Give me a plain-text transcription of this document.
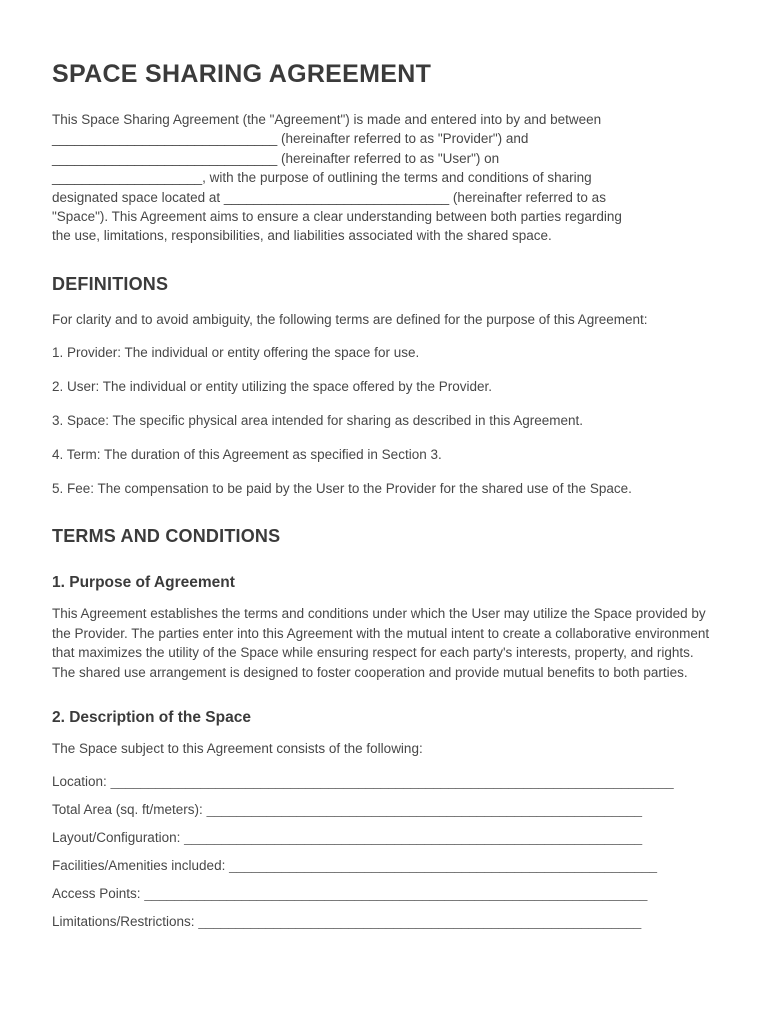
SPACE SHARING AGREEMENT
This Space Sharing Agreement (the "Agreement") is made and entered into by and between
______________________________ (hereinafter referred to as "Provider") and
______________________________ (hereinafter referred to as "User") on
____________________, with the purpose of outlining the terms and conditions of sharing
designated space located at ______________________________ (hereinafter referred to as
"Space"). This Agreement aims to ensure a clear understanding between both parties regarding
the use, limitations, responsibilities, and liabilities associated with the shared space.
DEFINITIONS

For clarity and to avoid ambiguity, the following terms are defined for the purpose of this Agreement:

1. Provider: The individual or entity offering the space for use.
2. User: The individual or entity utilizing the space offered by the Provider.
3. Space: The specific physical area intended for sharing as described in this Agreement.
4. Term: The duration of this Agreement as specified in Section 3.
5. Fee: The compensation to be paid by the User to the Provider for the shared use of the Space.
TERMS AND CONDITIONS
1. Purpose of Agreement

This Agreement establishes the terms and conditions under which the User may utilize the Space provided by the Provider. The parties enter into this Agreement with the mutual intent to create a collaborative environment that maximizes the utility of the Space while ensuring respect for each party's interests, property, and rights. The shared use arrangement is designed to foster cooperation and provide mutual benefits to both parties.

2. Description of the Space

The Space subject to this Agreement consists of the following:

Location: ___________________________________________________________________________
Total Area (sq. ft/meters): __________________________________________________________
Layout/Configuration: _____________________________________________________________
Facilities/Amenities included: _________________________________________________________
Access Points: ___________________________________________________________________
Limitations/Restrictions: ___________________________________________________________
